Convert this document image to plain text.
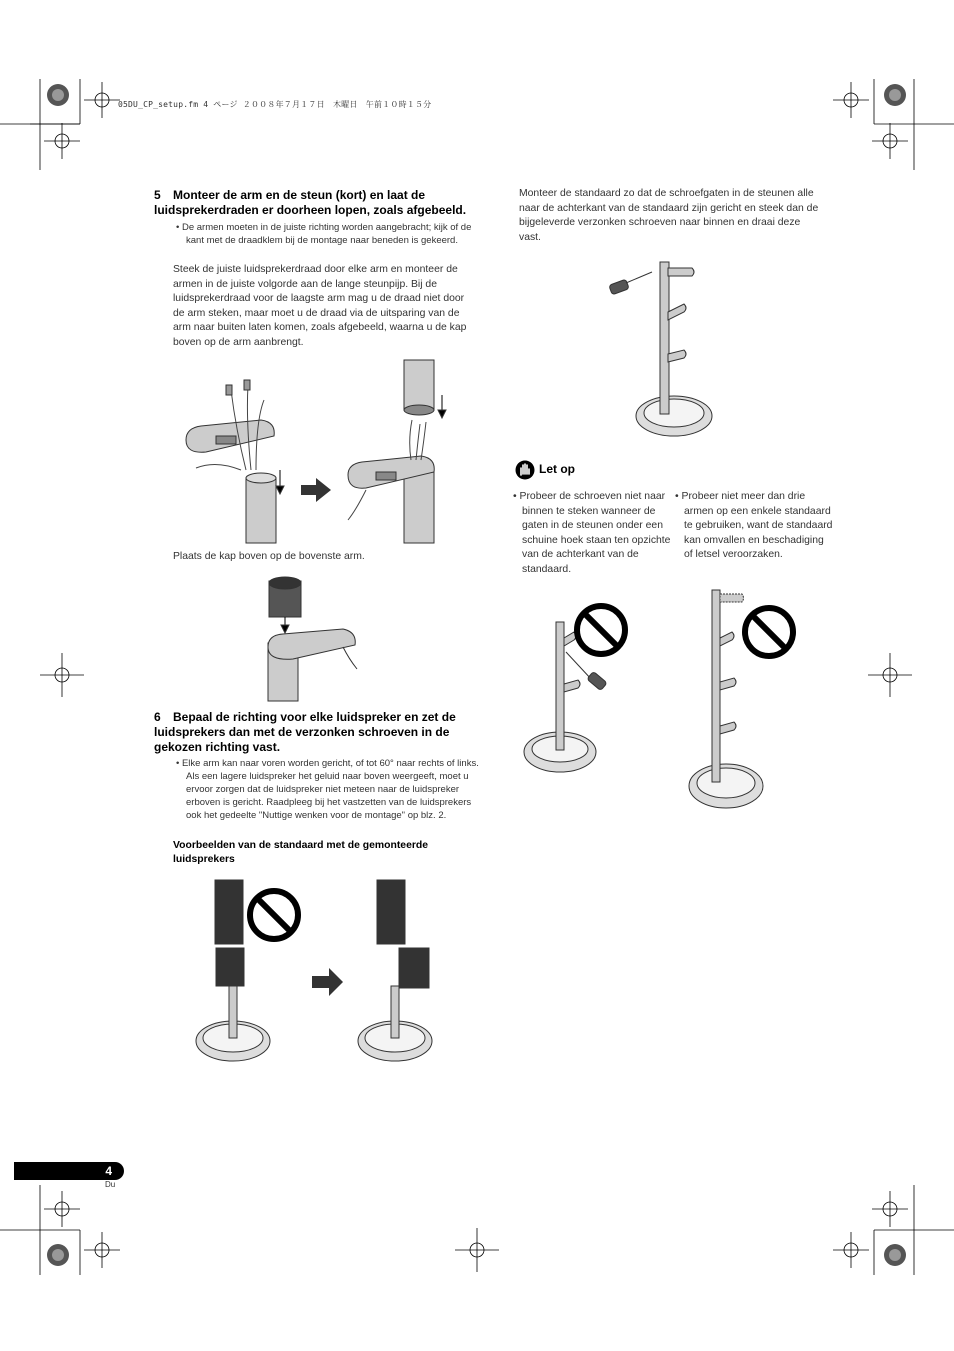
05DU_CP_setup.fm 4 ページ ２００８年７月１７日　木曜日　午前１０時１５分
5 Monteer de arm en de steun (kort) en laat de
luidsprekerdraden er doorheen lopen, zoals afgebeeld.
• De armen moeten in de juiste richting worden aangebracht; kijk of de kant met de draadklem bij de montage naar beneden is gekeerd.
Steek de juiste luidsprekerdraad door elke arm en monteer de armen in de juiste volgorde aan de lange steunpijp. Bij de luidsprekerdraad voor de laagste arm mag u de draad niet door de arm steken, maar moet u de draad via de uitsparing van de arm naar buiten laten komen, zoals afgebeeld, waarna u de kap boven op de arm aanbrengt.
Plaats de kap boven op de bovenste arm.
6 Bepaal de richting voor elke luidspreker en zet de
luidsprekers dan met de verzonken schroeven in de
gekozen richting vast.
• Elke arm kan naar voren worden gericht, of tot 60° naar rechts of links. Als een lagere luidspreker het geluid naar boven weergeeft, moet u ervoor zorgen dat de luidspreker niet meteen naar de luidspreker erboven is gericht. Raadpleeg bij het vastzetten van de luidsprekers ook het gedeelte "Nuttige wenken voor de montage" op blz. 2.
Voorbeelden van de standaard met de gemonteerde luidsprekers
Monteer de standaard zo dat de schroefgaten in de steunen alle naar de achterkant van de standaard zijn gericht en steek dan de bijgeleverde verzonken schroeven naar binnen en draai deze vast.
Let op
• Probeer de schroeven niet naar binnen te steken wanneer de gaten in de steunen onder een schuine hoek staan ten opzichte van de achterkant van de standaard.
• Probeer niet meer dan drie armen op een enkele standaard te gebruiken, want de standaard kan omvallen en beschadiging of letsel veroorzaken.
4
Du
